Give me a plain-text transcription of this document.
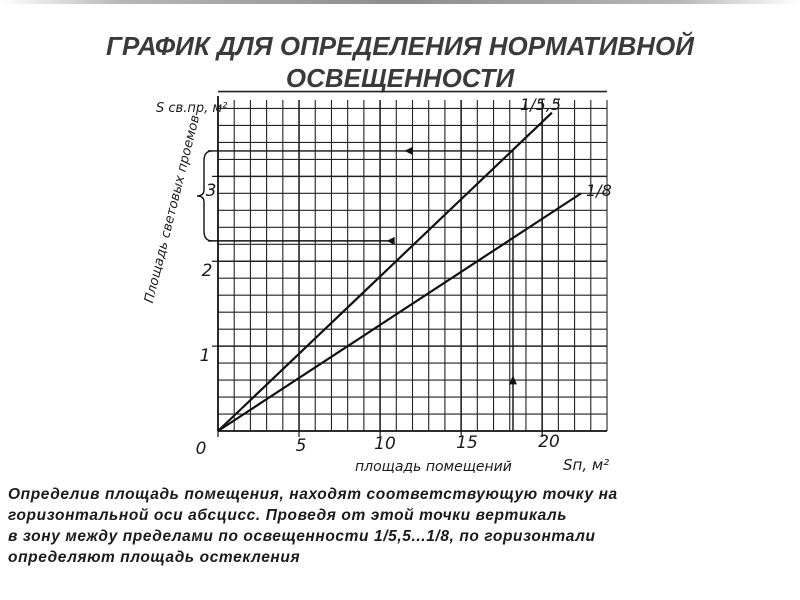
ГРАФИК ДЛЯ ОПРЕДЕЛЕНИЯ НОРМАТИВНОЙ
ОСВЕЩЕННОСТИ
0	5	10	15	20
1
2
3
S св.пр, м²
Площадь световых проемов
площадь помещений	Sп, м²
1/5,5
1/8

Определив площадь помещения, находят соответствующую точку на

горизонтальной оси абсцисс. Проведя от этой точки вертикаль

в зону между пределами по освещенности 1/5,5...1/8, по горизонтали

определяют площадь остекления
